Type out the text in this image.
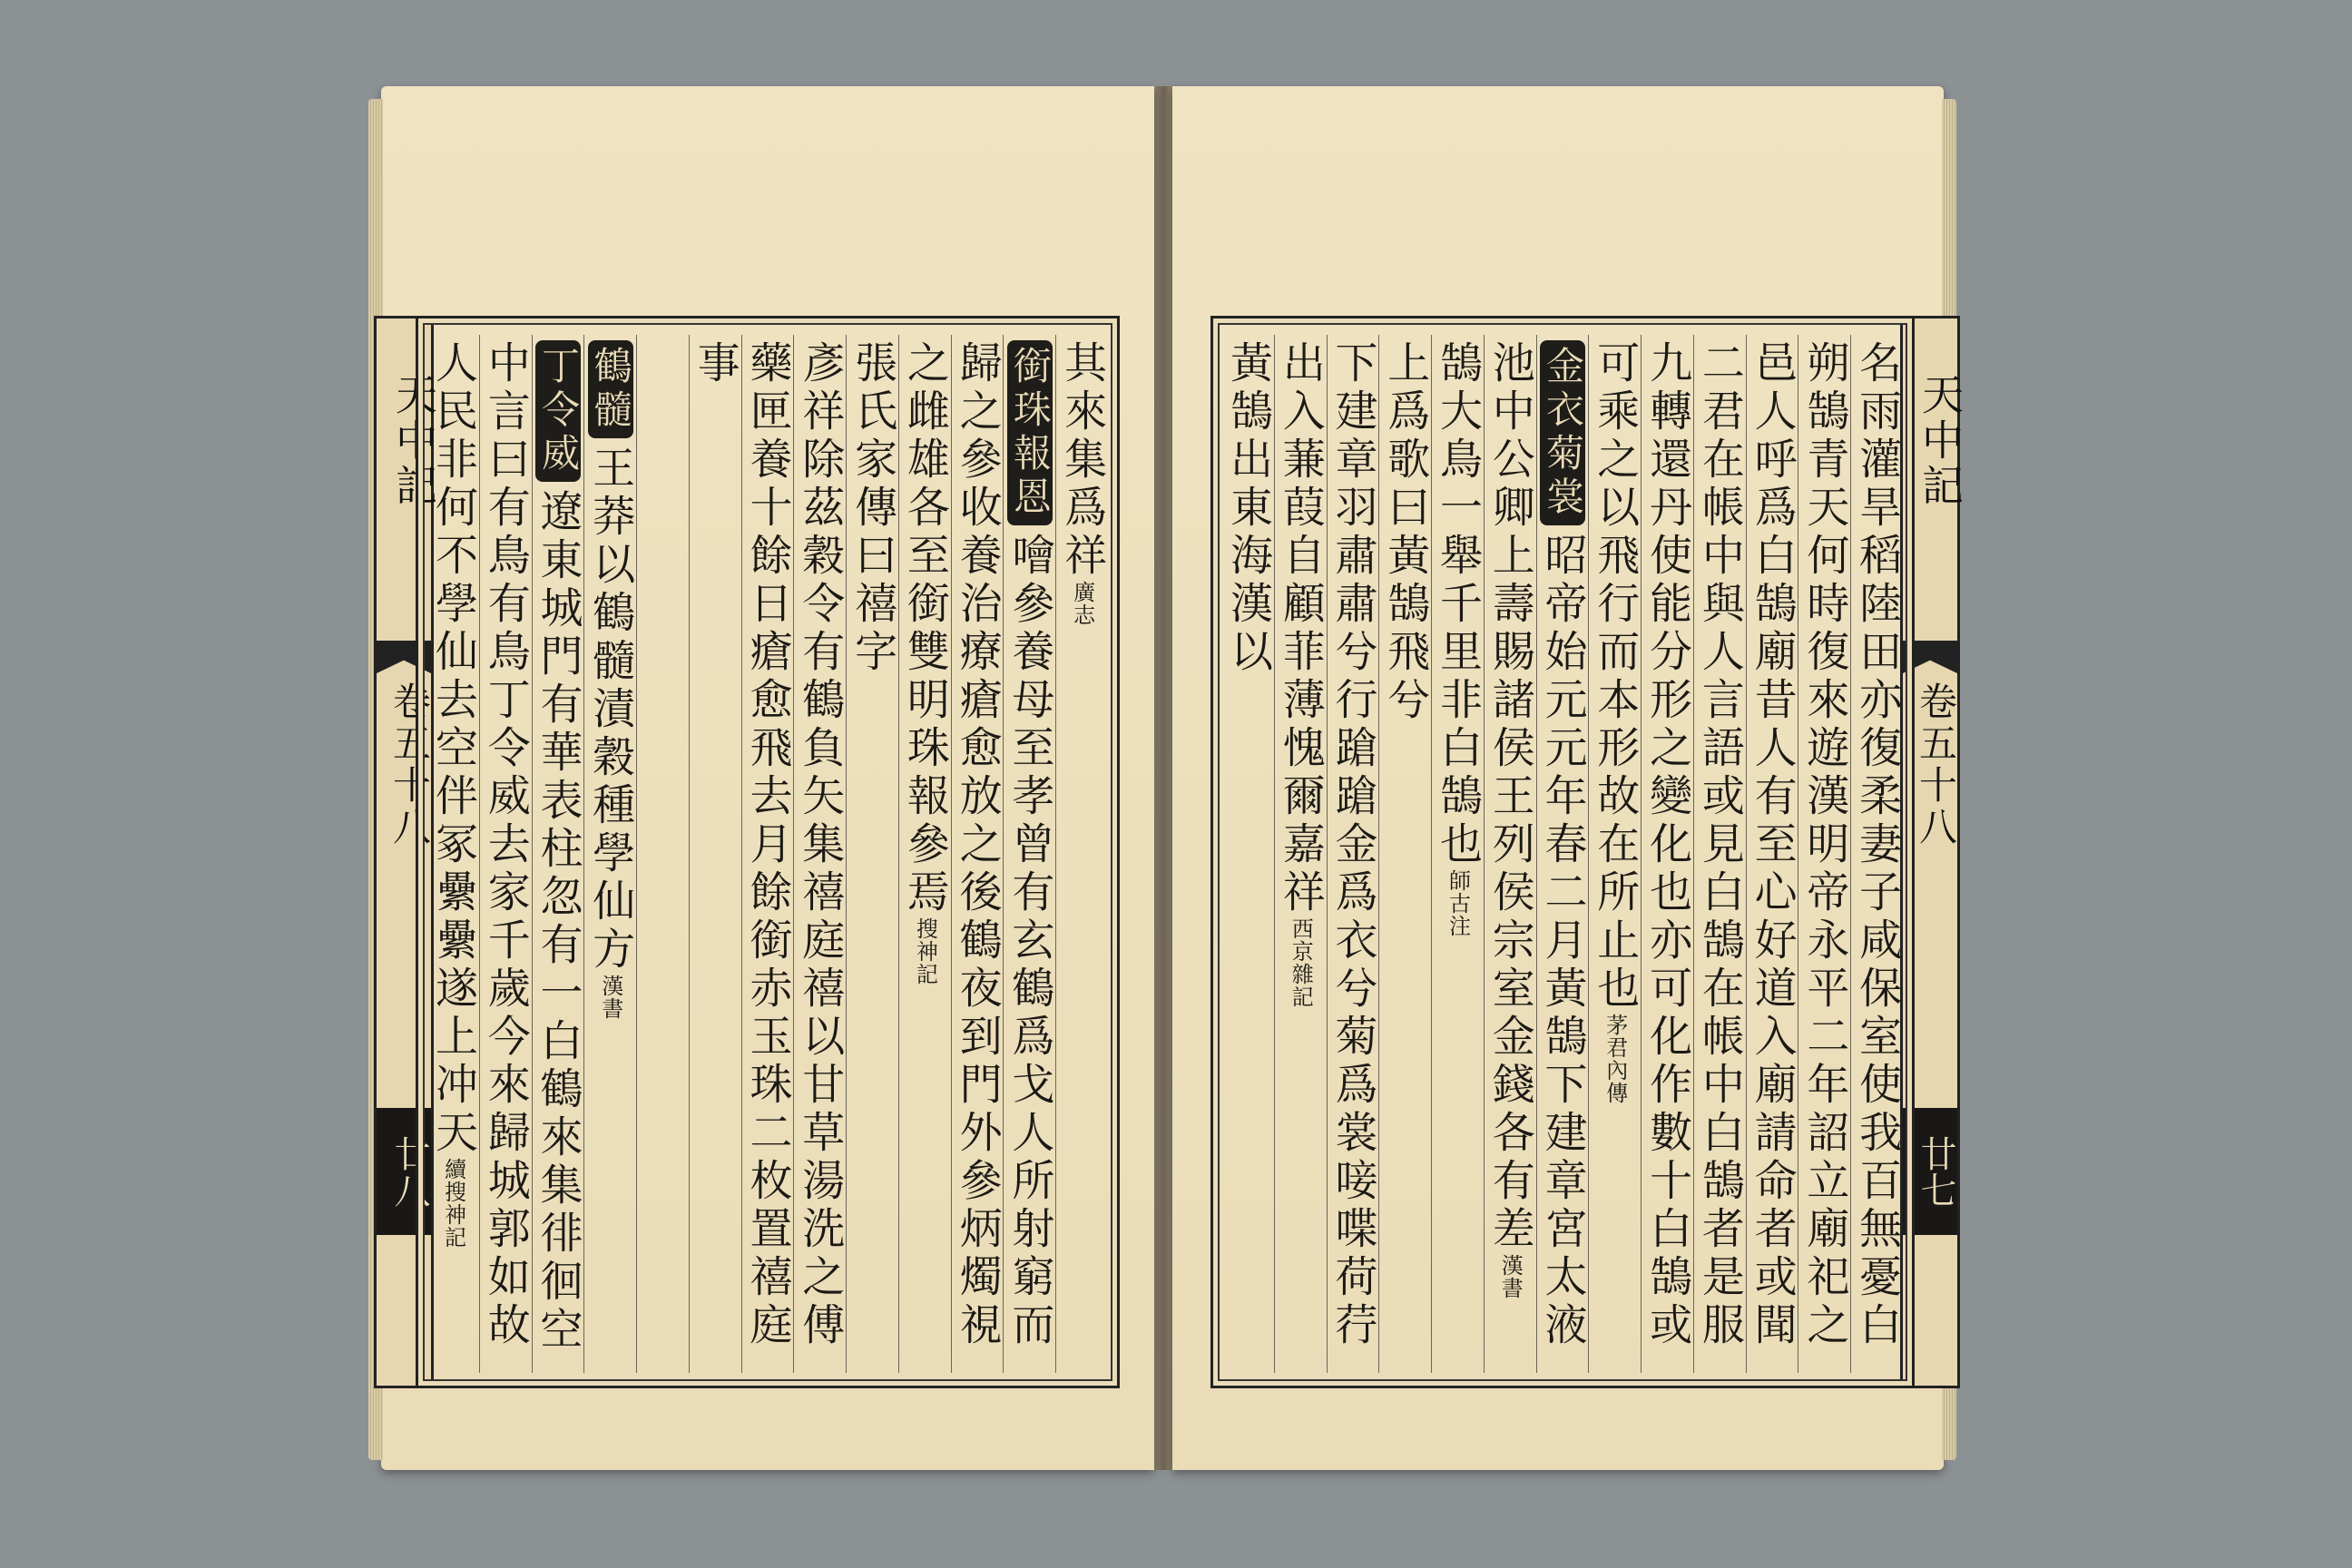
天中記
卷五十八
廿八
其來集爲祥
廣志
銜珠報恩
噲參養母至孝曾有玄鶴爲戈人所射窮而
歸之參收養治療瘡愈放之後鶴夜到門外參炳燭視
之雌雄各至銜雙明珠報參焉
搜神記
張氏家傳曰禧字
彥祥除茲穀令有鶴負矢集禧庭禧以甘草湯洗之傅
藥匣養十餘日瘡愈飛去月餘銜赤玉珠二枚置禧庭
事
鶴髓
王莽以鶴髓漬穀種學仙方
漢書
丁令威
遼東城門有華表柱忽有一白鶴來集徘徊空
中言曰有鳥有鳥丁令威去家千歲今來歸城郭如故
人民非何不學仙去空伴冢纍纍遂上冲天
續搜神記
天中記
卷五十八
廿七
名雨灌旱稻陸田亦復柔妻子咸保室使我百無憂白
朔鵠青天何時復來遊漢明帝永平二年詔立廟祀之
邑人呼爲白鵠廟昔人有至心好道入廟請命者或聞
二君在帳中與人言語或見白鵠在帳中白鵠者是服
九轉還丹使能分形之變化也亦可化作數十白鵠或
可乘之以飛行而本形故在所止也
茅君內傳
金衣菊裳
昭帝始元元年春二月黃鵠下建章宮太液
池中公卿上壽賜諸侯王列侯宗室金錢各有差
漢書
鵠大鳥一舉千里非白鵠也
師古注
上爲歌曰黃鵠飛兮
下建章羽肅肅兮行蹌蹌金爲衣兮菊爲裳唼喋荷荇
出入蒹葭自顧菲薄愧爾嘉祥
西京雜記
黃鵠出東海漢以
